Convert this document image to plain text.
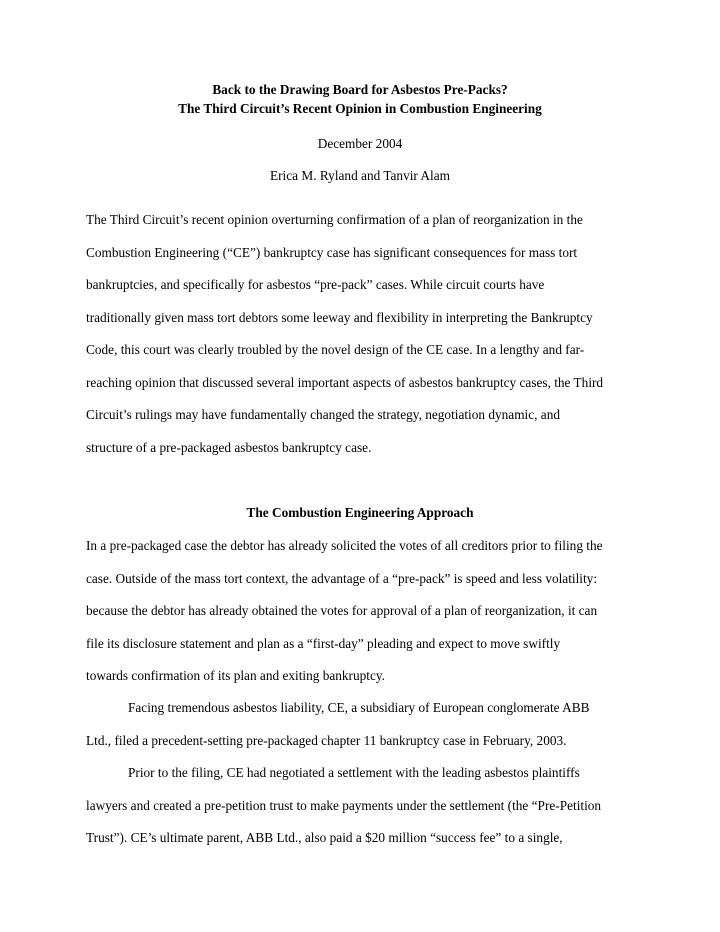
Back to the Drawing Board for Asbestos Pre-Packs?
The Third Circuit’s Recent Opinion in Combustion Engineering
December 2004
Erica M. Ryland and Tanvir Alam
The Third Circuit’s recent opinion overturning confirmation of a plan of reorganization in the
Combustion Engineering (“CE”) bankruptcy case has significant consequences for mass tort
bankruptcies, and specifically for asbestos “pre-pack” cases. While circuit courts have
traditionally given mass tort debtors some leeway and flexibility in interpreting the Bankruptcy
Code, this court was clearly troubled by the novel design of the CE case. In a lengthy and far-
reaching opinion that discussed several important aspects of asbestos bankruptcy cases, the Third
Circuit’s rulings may have fundamentally changed the strategy, negotiation dynamic, and
structure of a pre-packaged asbestos bankruptcy case.
The Combustion Engineering Approach
In a pre-packaged case the debtor has already solicited the votes of all creditors prior to filing the
case. Outside of the mass tort context, the advantage of a “pre-pack” is speed and less volatility:
because the debtor has already obtained the votes for approval of a plan of reorganization, it can
file its disclosure statement and plan as a “first-day” pleading and expect to move swiftly
towards confirmation of its plan and exiting bankruptcy.
Facing tremendous asbestos liability, CE, a subsidiary of European conglomerate ABB
Ltd., filed a precedent-setting pre-packaged chapter 11 bankruptcy case in February, 2003.
Prior to the filing, CE had negotiated a settlement with the leading asbestos plaintiffs
lawyers and created a pre-petition trust to make payments under the settlement (the “Pre-Petition
Trust”). CE’s ultimate parent, ABB Ltd., also paid a $20 million “success fee” to a single,
